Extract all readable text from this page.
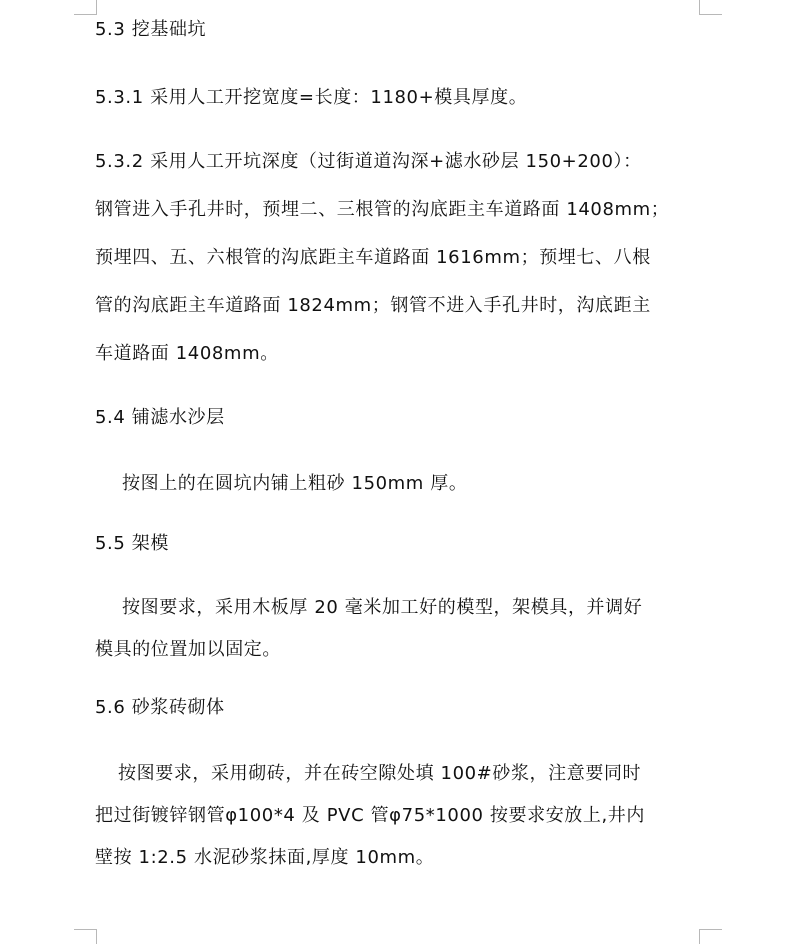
5.3 挖基础坑
5.3.1 采用人工开挖宽度=长度：1180+模具厚度。
5.3.2 采用人工开坑深度（过街道道沟深+滤水砂层 150+200）：
钢管进入手孔井时，预埋二、三根管的沟底距主车道路面 1408mm；
预埋四、五、六根管的沟底距主车道路面 1616mm；预埋七、八根
管的沟底距主车道路面 1824mm；钢管不进入手孔井时，沟底距主
车道路面 1408mm。
5.4 铺滤水沙层
按图上的在圆坑内铺上粗砂 150mm 厚。
5.5 架模
按图要求，采用木板厚 20 毫米加工好的模型，架模具，并调好
模具的位置加以固定。
5.6 砂浆砖砌体
按图要求，采用砌砖，并在砖空隙处填 100#砂浆，注意要同时
把过街镀锌钢管φ100*4 及 PVC 管φ75*1000 按要求安放上,井内
壁按 1:2.5 水泥砂浆抹面,厚度 10mm。
